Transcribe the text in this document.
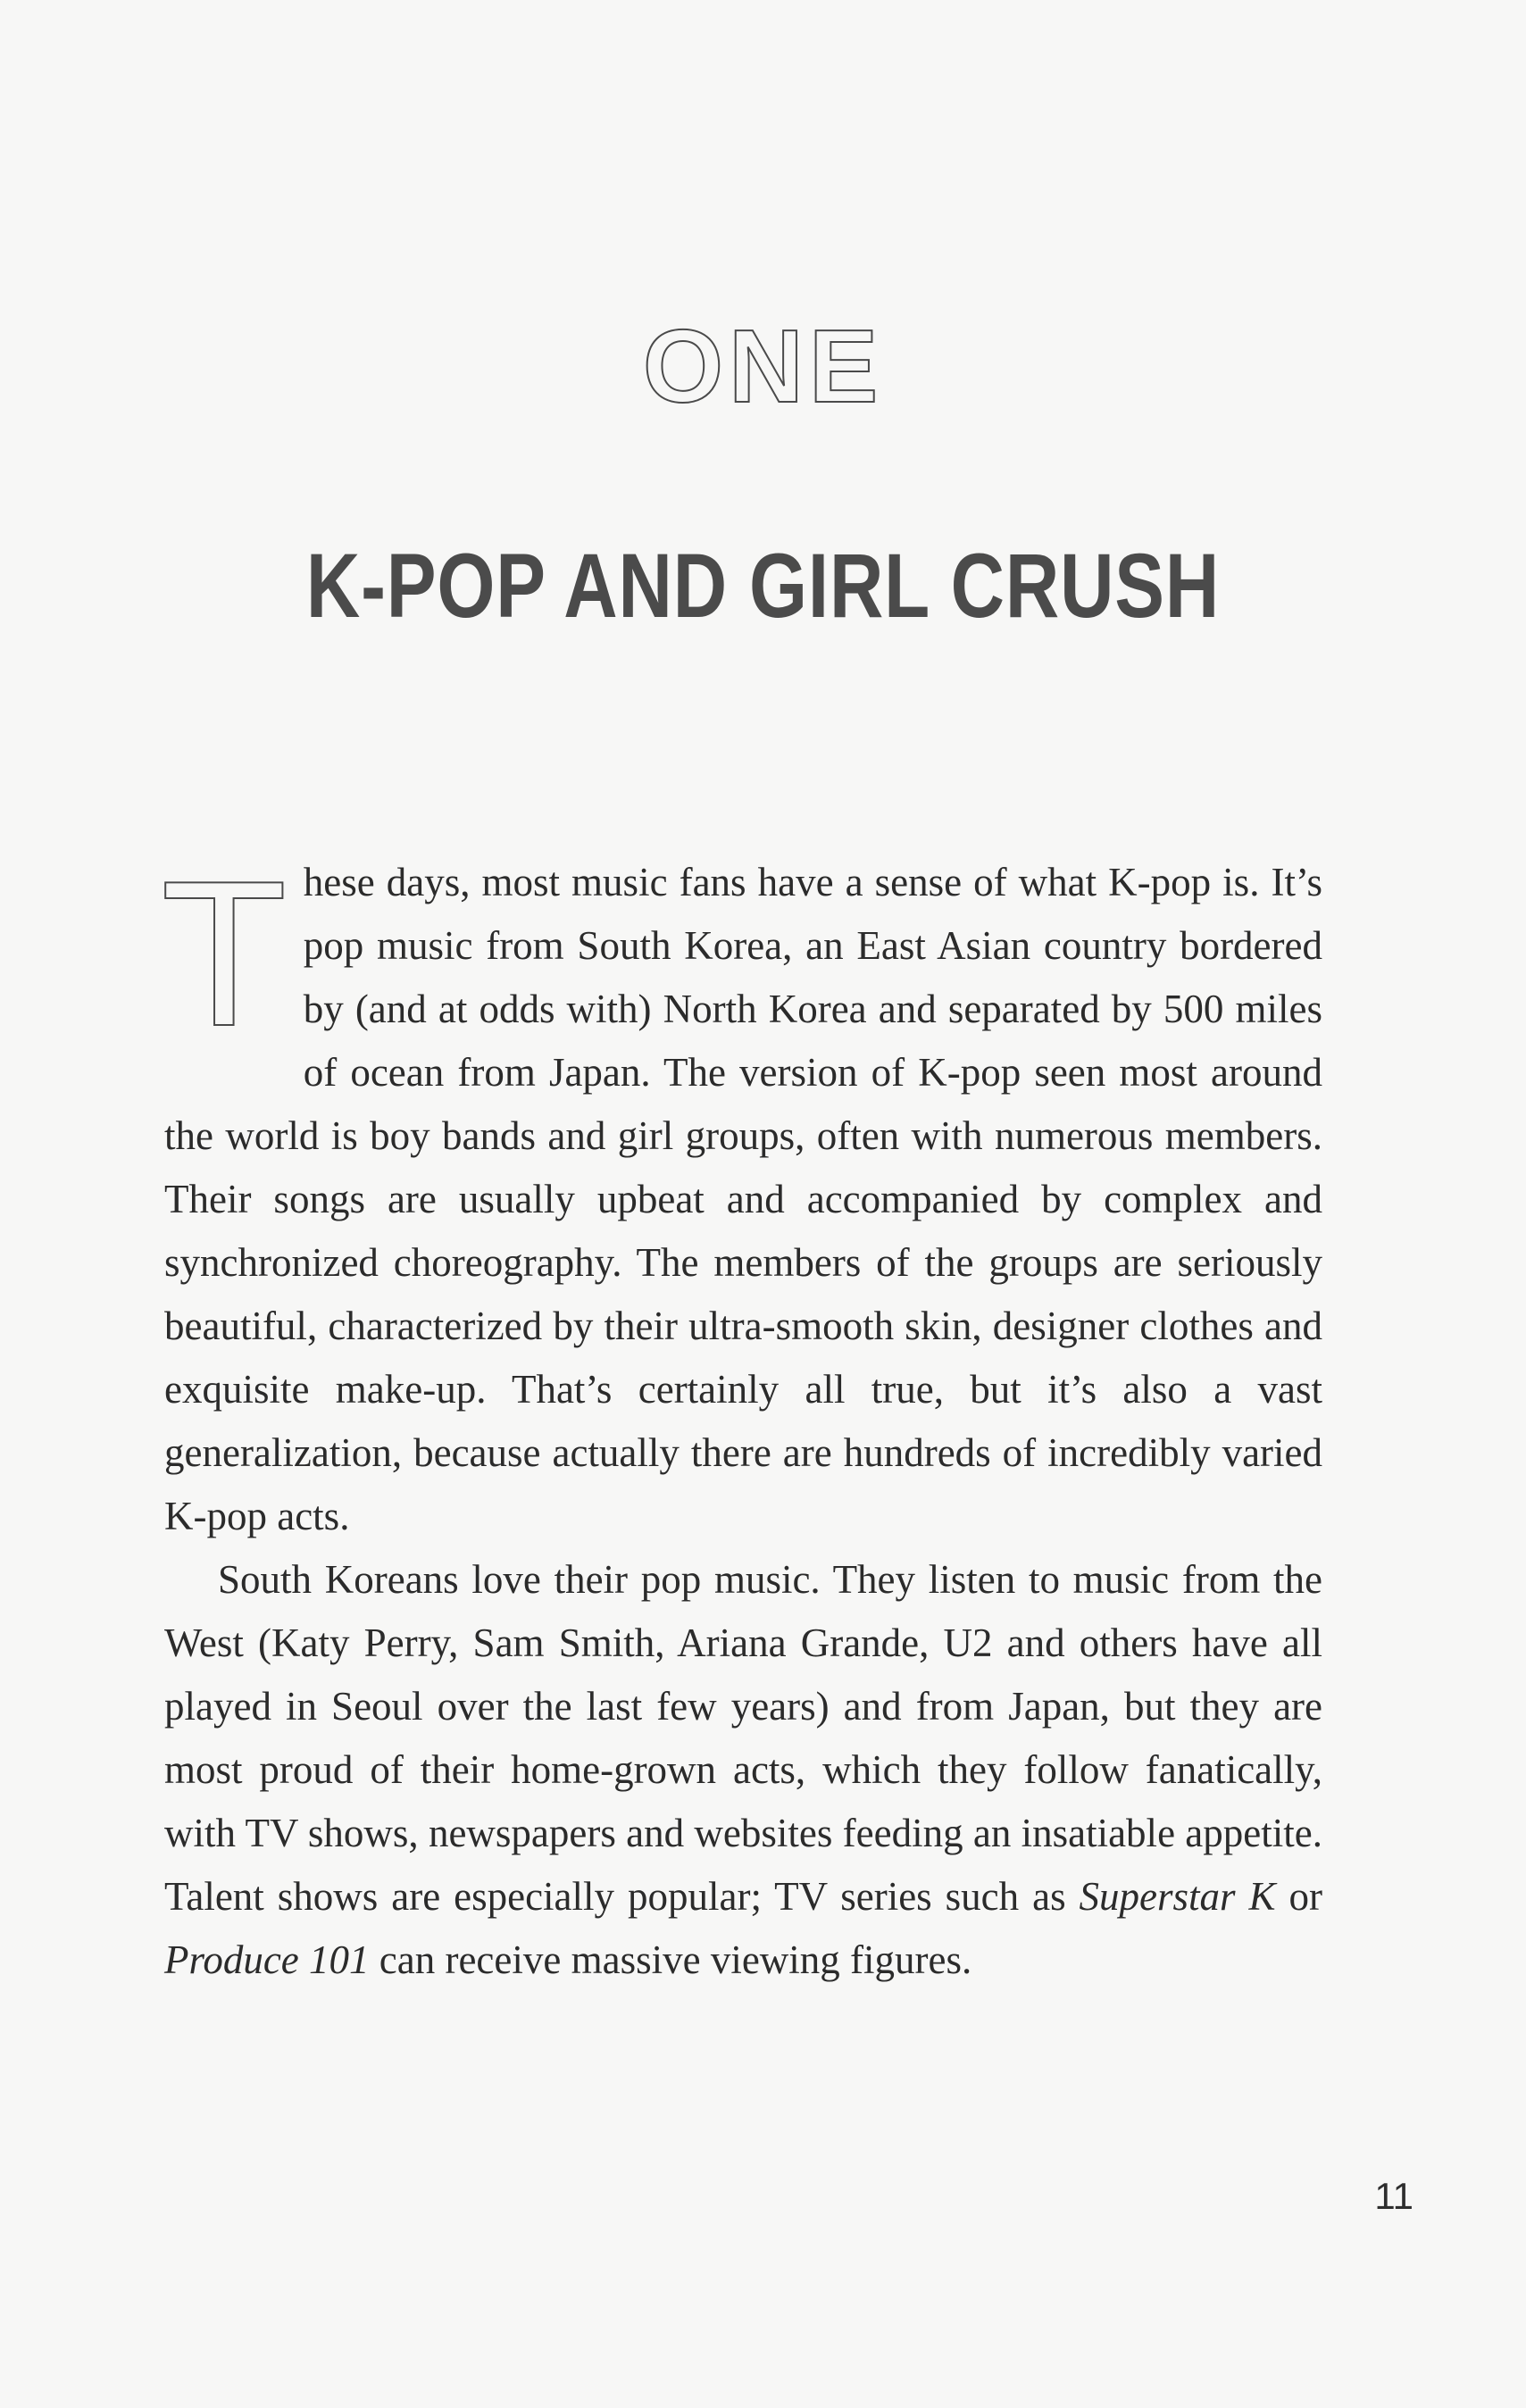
ONE
K-POP AND GIRL CRUSH

These days, most music fans have a sense of what K-pop is. It’s pop music from South Korea, an East Asian country bordered by (and at odds with) North Korea and separated by 500 miles of ocean from Japan. The version of K-pop seen most around the world is boy bands and girl groups, often with numerous members. Their songs are usually upbeat and accompanied by complex and synchronized choreography. The members of the groups are seriously beautiful, characterized by their ultra-smooth skin, designer clothes and exquisite make-up. That’s certainly all true, but it’s also a vast generalization, because actually there are hundreds of incredibly varied K-pop acts.

South Koreans love their pop music. They listen to music from the West (Katy Perry, Sam Smith, Ariana Grande, U2 and others have all played in Seoul over the last few years) and from Japan, but they are most proud of their home-grown acts, which they follow fanatically, with TV shows, newspapers and websites feeding an insatiable appetite. Talent shows are especially popular; TV series such as Superstar K or Produce 101 can receive massive viewing figures.

11
